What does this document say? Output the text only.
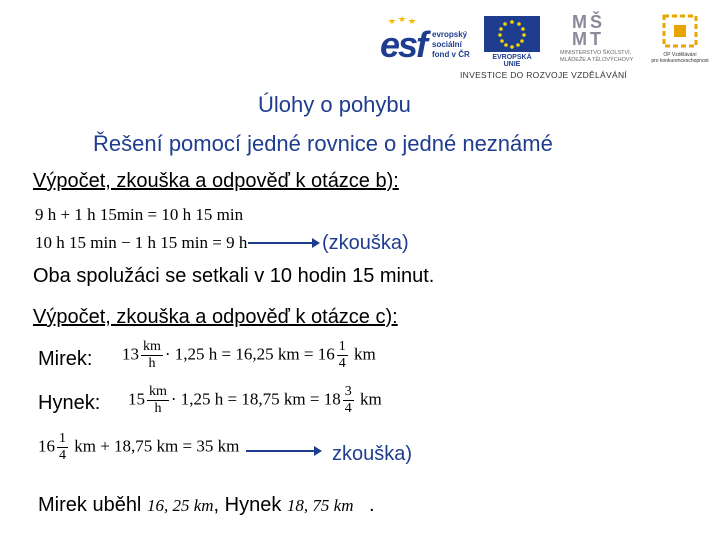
esf evropský
sociální
fond v ČR	EVROPSKÁ UNIE
MŠ
MT
MINISTERSTVO ŠKOLSTVÍ,
MLÁDEŽE A TĚLOVÝCHOVY
OP Vzdělávání
pro konkurenceschopnost
INVESTICE DO ROZVOJE VZDĚLÁVÁNÍ
Úlohy o pohybu
Řešení pomocí jedné rovnice o jedné neznámé
Výpočet, zkouška a odpověď k otázce b):
9 h + 1 h 15min = 10 h 15 min
10 h 15 min − 1 h 15 min = 9 h	(zkouška)
Oba spolužáci se setkali v 10 hodin 15 minut.
Výpočet, zkouška a odpověď k otázce c):
Mirek: $13 \frac{km}{h} \cdot 1,25$ h = 16,25 km = $16 \frac{1}{4}$ km
Hynek: $15 \frac{km}{h} \cdot 1,25$ h = 18,75 km = $18 \frac{3}{4}$ km
$16 \frac{1}{4}$ km + 18,75 km = 35 km	zkouška)
Mirek uběhl 16, 25 km, Hynek 18, 75 km .
